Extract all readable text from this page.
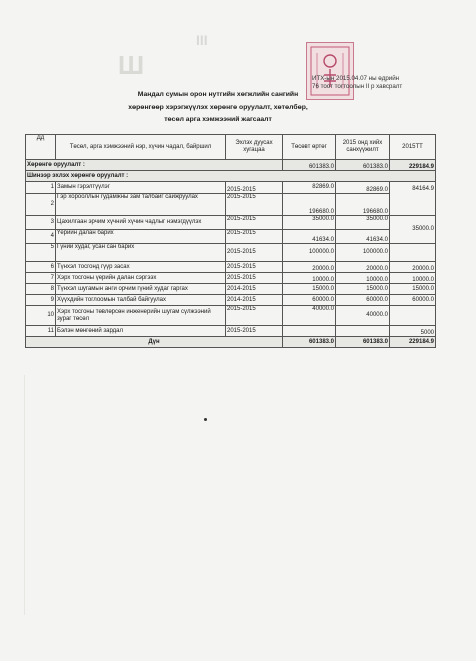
Ш
ІІІ
ИТХ-ын 2015.04.07 ны өдрийн
76 тоот тогтоолын II р хавсралт
Мандал сумын орон нутгийн хөгжлийн сангийн
хөрөнгөөр хэрэгжүүлэх хөрөнгө оруулалт, хөтөлбөр,
төсөл арга хэмжээний жагсаалт
Дд	Төсөл, арга хэмжээний нэр, хүчин чадал, байршил	Эхлэх дуусах хугацаа	Төсөвт өртөг	2015 онд хийх санхүүжилт	2015ТТ
Хөрөнгө оруулалт :			601383.0	601383.0	229184.9
Шинээр эхлэх хөрөнгө оруулалт :					
1	Замын гэрэлтүүлэг	2015-2015	82869.0	82869.0	84164.9
2	Гэр хорооллын гудамжны зам талбайг сайжруулах	2015-2015	196680.0	196680.0	
3	Цахилгаан эрчим хүчний хүчин чадлыг нэмэгдүүлэх	2015-2015	35000.0	35000.0	35000.0
4	Үерийн далан барих	2015-2015	41634.0	41634.0	
5	Гүний худаг, усан сан барих	2015-2015	100000.0	100000.0	
6	Түнхэл тосгонд гүүр засах	2015-2015	20000.0	20000.0	20000.0
7	Хэрх тосгоны үерийн далан сэргээх	2015-2015	10000.0	10000.0	10000.0
8	Түнхэл шугамын анги орчим гүний худаг гаргах	2014-2015	15000.0	15000.0	15000.0
9	Хүүхдийн тоглоомын талбай байгуулах	2014-2015	60000.0	60000.0	60000.0
10	Хэрх тосгоны төвлөрсөн инженерийн шугам сүлжээний зураг төсөл	2015-2015	40000.0	40000.0	
11	Бэлэн мөнгөний зардал	2015-2015			5000
Дүн			601383.0	601383.0	229184.9
